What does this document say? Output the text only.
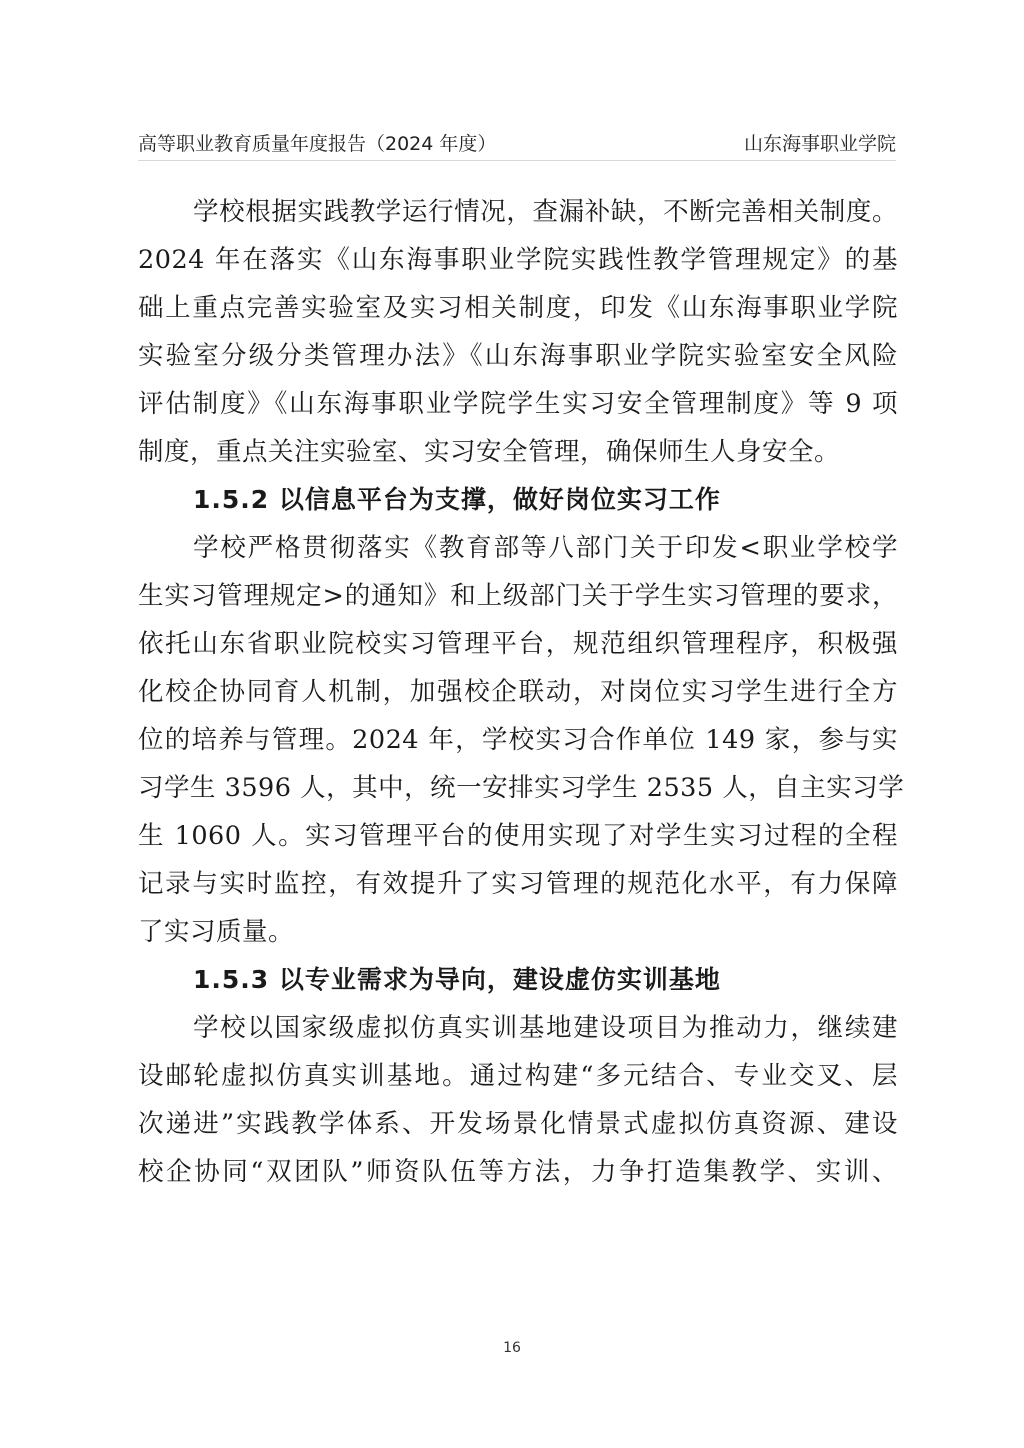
高等职业教育质量年度报告（2024 年度）	山东海事职业学院
学校根据实践教学运行情况，查漏补缺，不断完善相关制度。
2024 年在落实《山东海事职业学院实践性教学管理规定》的基
础上重点完善实验室及实习相关制度，印发《山东海事职业学院
实验室分级分类管理办法》《山东海事职业学院实验室安全风险
评估制度》《山东海事职业学院学生实习安全管理制度》等 9 项
制度，重点关注实验室、实习安全管理，确保师生人身安全。
1.5.2 以信息平台为支撑，做好岗位实习工作
学校严格贯彻落实《教育部等八部门关于印发<职业学校学
生实习管理规定>的通知》和上级部门关于学生实习管理的要求，
依托山东省职业院校实习管理平台，规范组织管理程序，积极强
化校企协同育人机制，加强校企联动，对岗位实习学生进行全方
位的培养与管理。2024 年，学校实习合作单位 149 家，参与实
习学生 3596 人，其中，统一安排实习学生 2535 人，自主实习学
生 1060 人。实习管理平台的使用实现了对学生实习过程的全程
记录与实时监控，有效提升了实习管理的规范化水平，有力保障
了实习质量。
1.5.3 以专业需求为导向，建设虚仿实训基地
学校以国家级虚拟仿真实训基地建设项目为推动力，继续建
设邮轮虚拟仿真实训基地。通过构建“多元结合、专业交叉、层
次递进”实践教学体系、开发场景化情景式虚拟仿真资源、建设
校企协同“双团队”师资队伍等方法，力争打造集教学、实训、
16
